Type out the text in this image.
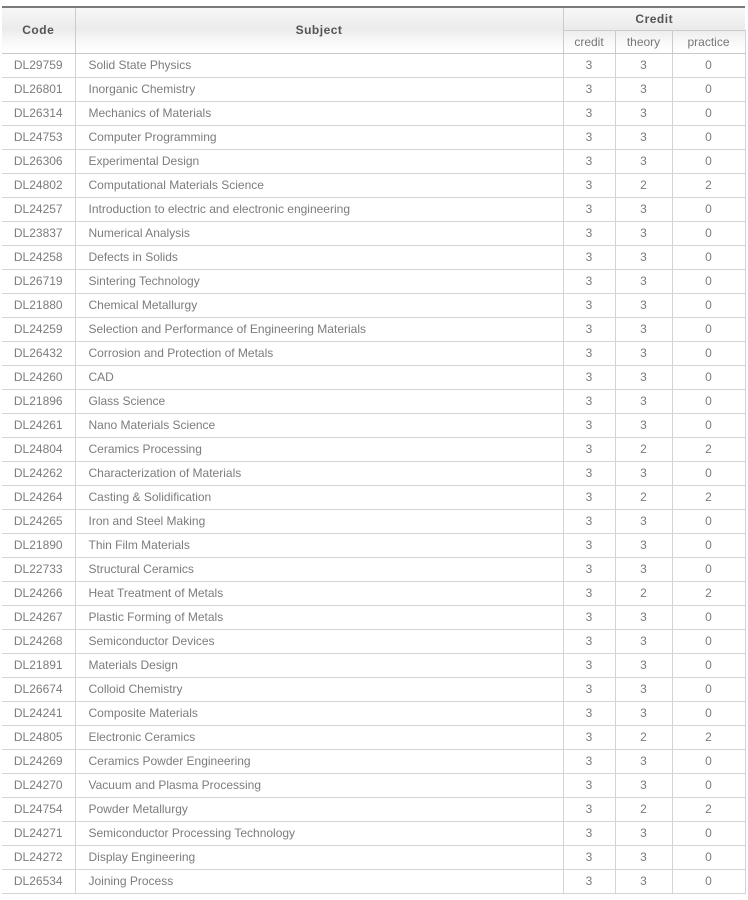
Code	Subject	Credit		
		credit	theory	practice
DL29759	Solid State Physics	3	3	0
DL26801	Inorganic Chemistry	3	3	0
DL26314	Mechanics of Materials	3	3	0
DL24753	Computer Programming	3	3	0
DL26306	Experimental Design	3	3	0
DL24802	Computational Materials Science	3	2	2
DL24257	Introduction to electric and electronic engineering	3	3	0
DL23837	Numerical Analysis	3	3	0
DL24258	Defects in Solids	3	3	0
DL26719	Sintering Technology	3	3	0
DL21880	Chemical Metallurgy	3	3	0
DL24259	Selection and Performance of Engineering Materials	3	3	0
DL26432	Corrosion and Protection of Metals	3	3	0
DL24260	CAD	3	3	0
DL21896	Glass Science	3	3	0
DL24261	Nano Materials Science	3	3	0
DL24804	Ceramics Processing	3	2	2
DL24262	Characterization of Materials	3	3	0
DL24264	Casting & Solidification	3	2	2
DL24265	Iron and Steel Making	3	3	0
DL21890	Thin Film Materials	3	3	0
DL22733	Structural Ceramics	3	3	0
DL24266	Heat Treatment of Metals	3	2	2
DL24267	Plastic Forming of Metals	3	3	0
DL24268	Semiconductor Devices	3	3	0
DL21891	Materials Design	3	3	0
DL26674	Colloid Chemistry	3	3	0
DL24241	Composite Materials	3	3	0
DL24805	Electronic Ceramics	3	2	2
DL24269	Ceramics Powder Engineering	3	3	0
DL24270	Vacuum and Plasma Processing	3	3	0
DL24754	Powder Metallurgy	3	2	2
DL24271	Semiconductor Processing Technology	3	3	0
DL24272	Display Engineering	3	3	0
DL26534	Joining Process	3	3	0
